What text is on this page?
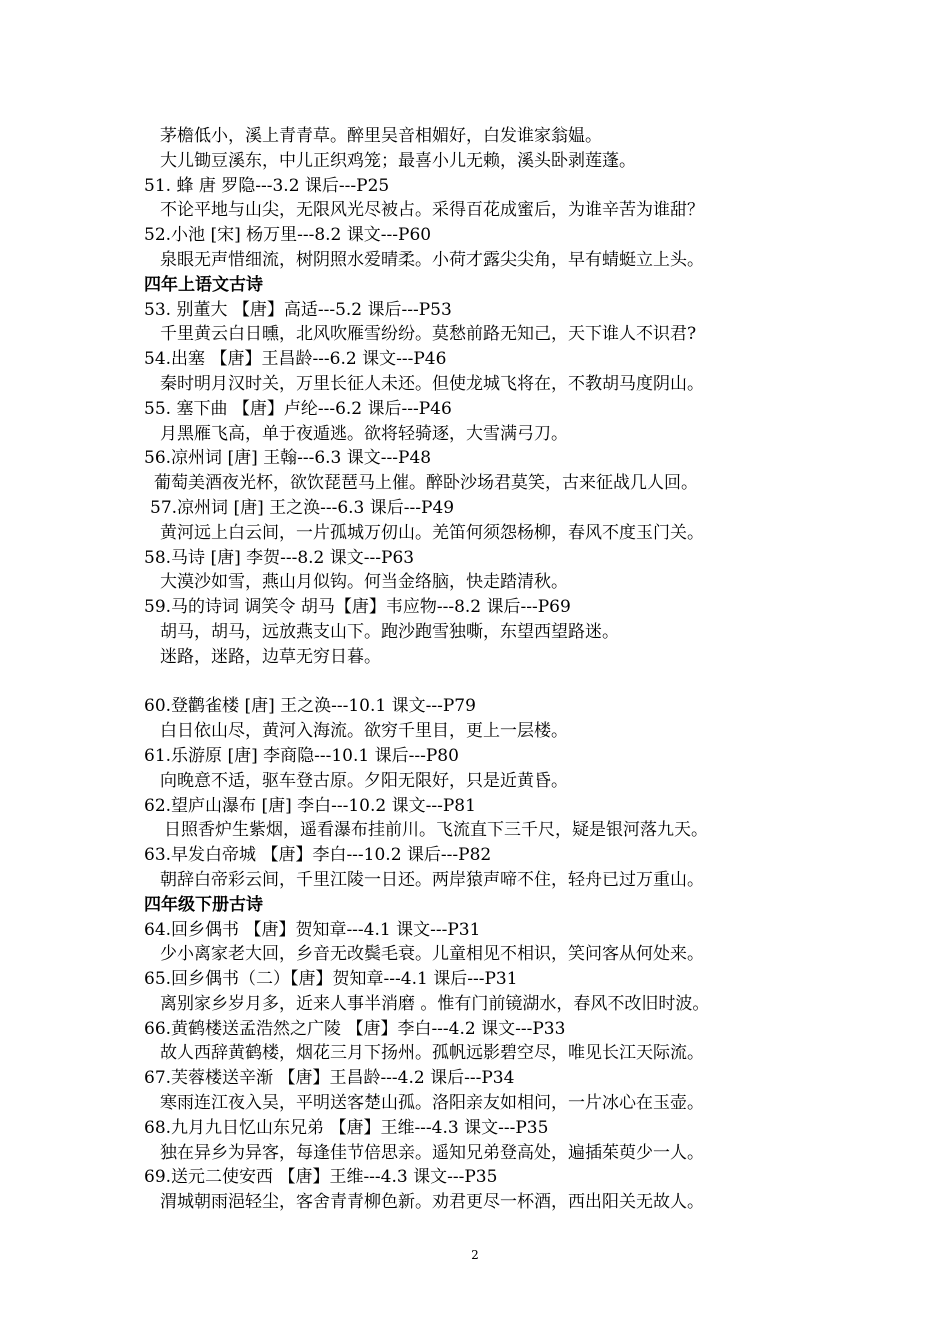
茅檐低小，溪上青青草。醉里吴音相媚好，白发谁家翁媪。
大儿锄豆溪东，中儿正织鸡笼；最喜小儿无赖，溪头卧剥莲蓬。
51. 蜂 唐 罗隐---3.2 课后---P25
不论平地与山尖，无限风光尽被占。采得百花成蜜后，为谁辛苦为谁甜？
52.小池 [宋] 杨万里---8.2 课文---P60
泉眼无声惜细流，树阴照水爱晴柔。小荷才露尖尖角，早有蜻蜓立上头。
四年上语文古诗
53. 别董大 【唐】高适---5.2 课后---P53
千里黄云白日曛，北风吹雁雪纷纷。莫愁前路无知己，天下谁人不识君?
54.出塞 【唐】王昌龄---6.2 课文---P46
秦时明月汉时关，万里长征人未还。但使龙城飞将在，不教胡马度阴山。
55. 塞下曲 【唐】卢纶---6.2 课后---P46
月黑雁飞高，单于夜遁逃。欲将轻骑逐，大雪满弓刀。
56.凉州词 [唐] 王翰---6.3 课文---P48
葡萄美酒夜光杯，欲饮琵琶马上催。醉卧沙场君莫笑，古来征战几人回。
57.凉州词 [唐] 王之涣---6.3 课后---P49
黄河远上白云间，一片孤城万仞山。羌笛何须怨杨柳，春风不度玉门关。
58.马诗 [唐] 李贺---8.2 课文---P63
大漠沙如雪，燕山月似钩。何当金络脑，快走踏清秋。
59.马的诗词 调笑令 胡马【唐】韦应物---8.2 课后---P69
胡马，胡马，远放燕支山下。跑沙跑雪独嘶，东望西望路迷。
迷路，迷路，边草无穷日暮。
60.登鹳雀楼 [唐] 王之涣---10.1 课文---P79
白日依山尽，黄河入海流。欲穷千里目，更上一层楼。
61.乐游原 [唐] 李商隐---10.1 课后---P80
向晚意不适，驱车登古原。夕阳无限好，只是近黄昏。
62.望庐山瀑布 [唐] 李白---10.2 课文---P81
日照香炉生紫烟，遥看瀑布挂前川。飞流直下三千尺，疑是银河落九天。
63.早发白帝城 【唐】李白---10.2 课后---P82
朝辞白帝彩云间，千里江陵一日还。两岸猿声啼不住，轻舟已过万重山。
四年级下册古诗
64.回乡偶书 【唐】贺知章---4.1 课文---P31
少小离家老大回，乡音无改鬓毛衰。儿童相见不相识，笑问客从何处来。
65.回乡偶书（二）【唐】贺知章---4.1 课后---P31
离别家乡岁月多，近来人事半消磨 。惟有门前镜湖水，春风不改旧时波。
66.黄鹤楼送孟浩然之广陵 【唐】李白---4.2 课文---P33
故人西辞黄鹤楼，烟花三月下扬州。孤帆远影碧空尽，唯见长江天际流。
67.芙蓉楼送辛渐 【唐】王昌龄---4.2 课后---P34
寒雨连江夜入吴，平明送客楚山孤。洛阳亲友如相问，一片冰心在玉壶。
68.九月九日忆山东兄弟 【唐】王维---4.3 课文---P35
独在异乡为异客，每逢佳节倍思亲。遥知兄弟登高处，遍插茱萸少一人。
69.送元二使安西 【唐】王维---4.3 课文---P35
渭城朝雨浥轻尘，客舍青青柳色新。劝君更尽一杯酒，西出阳关无故人。
2
